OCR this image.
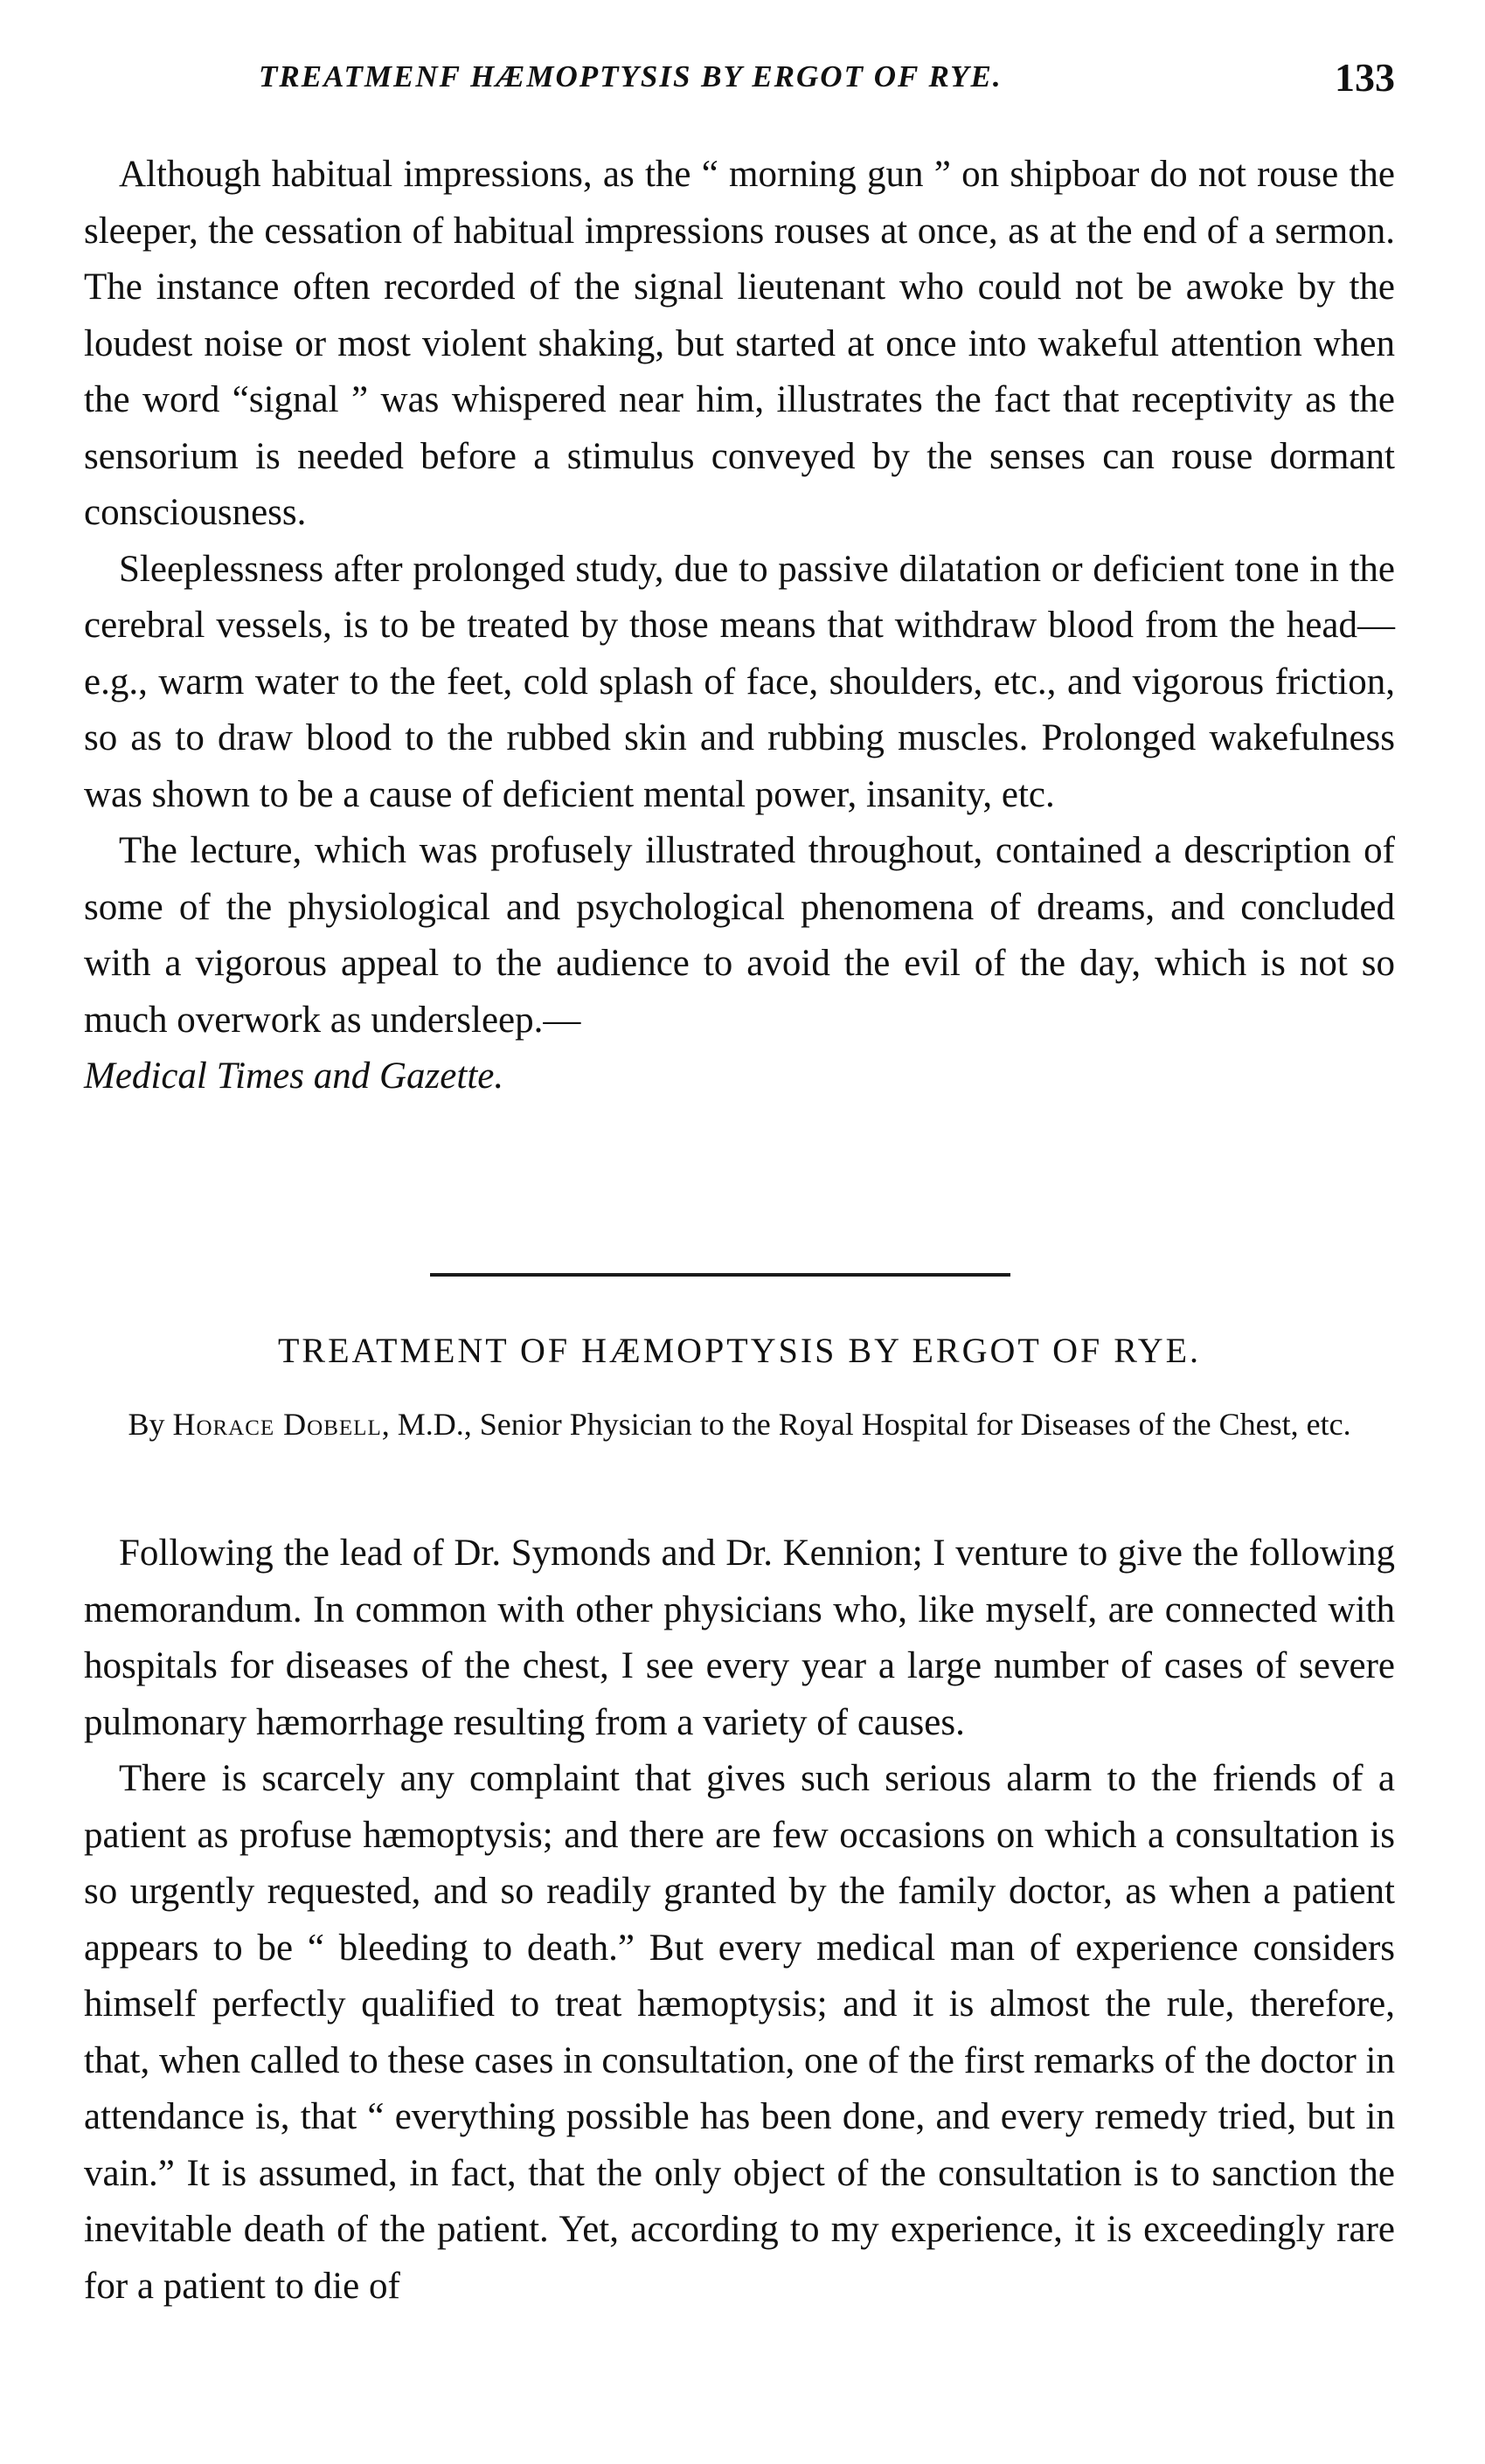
TREATMENF HÆMOPTYSIS BY ERGOT OF RYE.	133

Although habitual impressions, as the “ morning gun ” on shipboar do not rouse the sleeper, the cessation of habitual impressions rouses at once, as at the end of a sermon. The instance often recorded of the signal lieutenant who could not be awoke by the loudest noise or most violent shaking, but started at once into wakeful attention when the word “signal ” was whispered near him, illustrates the fact that receptivity as the sensorium is needed before a stimulus conveyed by the senses can rouse dormant consciousness.

Sleeplessness after prolonged study, due to passive dilatation or deficient tone in the cerebral vessels, is to be treated by those means that withdraw blood from the head—e.g., warm water to the feet, cold splash of face, shoulders, etc., and vigorous friction, so as to draw blood to the rubbed skin and rubbing muscles. Prolonged wakefulness was shown to be a cause of deficient mental power, insanity, etc.

The lecture, which was profusely illustrated throughout, contained a description of some of the physiological and psychological phenomena of dreams, and concluded with a vigorous appeal to the audience to avoid the evil of the day, which is not so much overwork as undersleep.—
Medical Times and Gazette.

TREATMENT OF HÆMOPTYSIS BY ERGOT OF RYE.
By Horace Dobell, M.D., Senior Physician to the Royal Hospital for Diseases of the Chest, etc.

Following the lead of Dr. Symonds and Dr. Kennion; I venture to give the following memorandum. In common with other physicians who, like myself, are connected with hospitals for diseases of the chest, I see every year a large number of cases of severe pulmonary hæmorrhage resulting from a variety of causes.

There is scarcely any complaint that gives such serious alarm to the friends of a patient as profuse hæmoptysis; and there are few occasions on which a consultation is so urgently requested, and so readily granted by the family doctor, as when a patient appears to be “ bleeding to death.” But every medical man of experience considers himself perfectly qualified to treat hæmoptysis; and it is almost the rule, therefore, that, when called to these cases in consultation, one of the first remarks of the doctor in attendance is, that “ everything possible has been done, and every remedy tried, but in vain.” It is assumed, in fact, that the only object of the consultation is to sanction the inevitable death of the patient. Yet, according to my experience, it is exceedingly rare for a patient to die of
